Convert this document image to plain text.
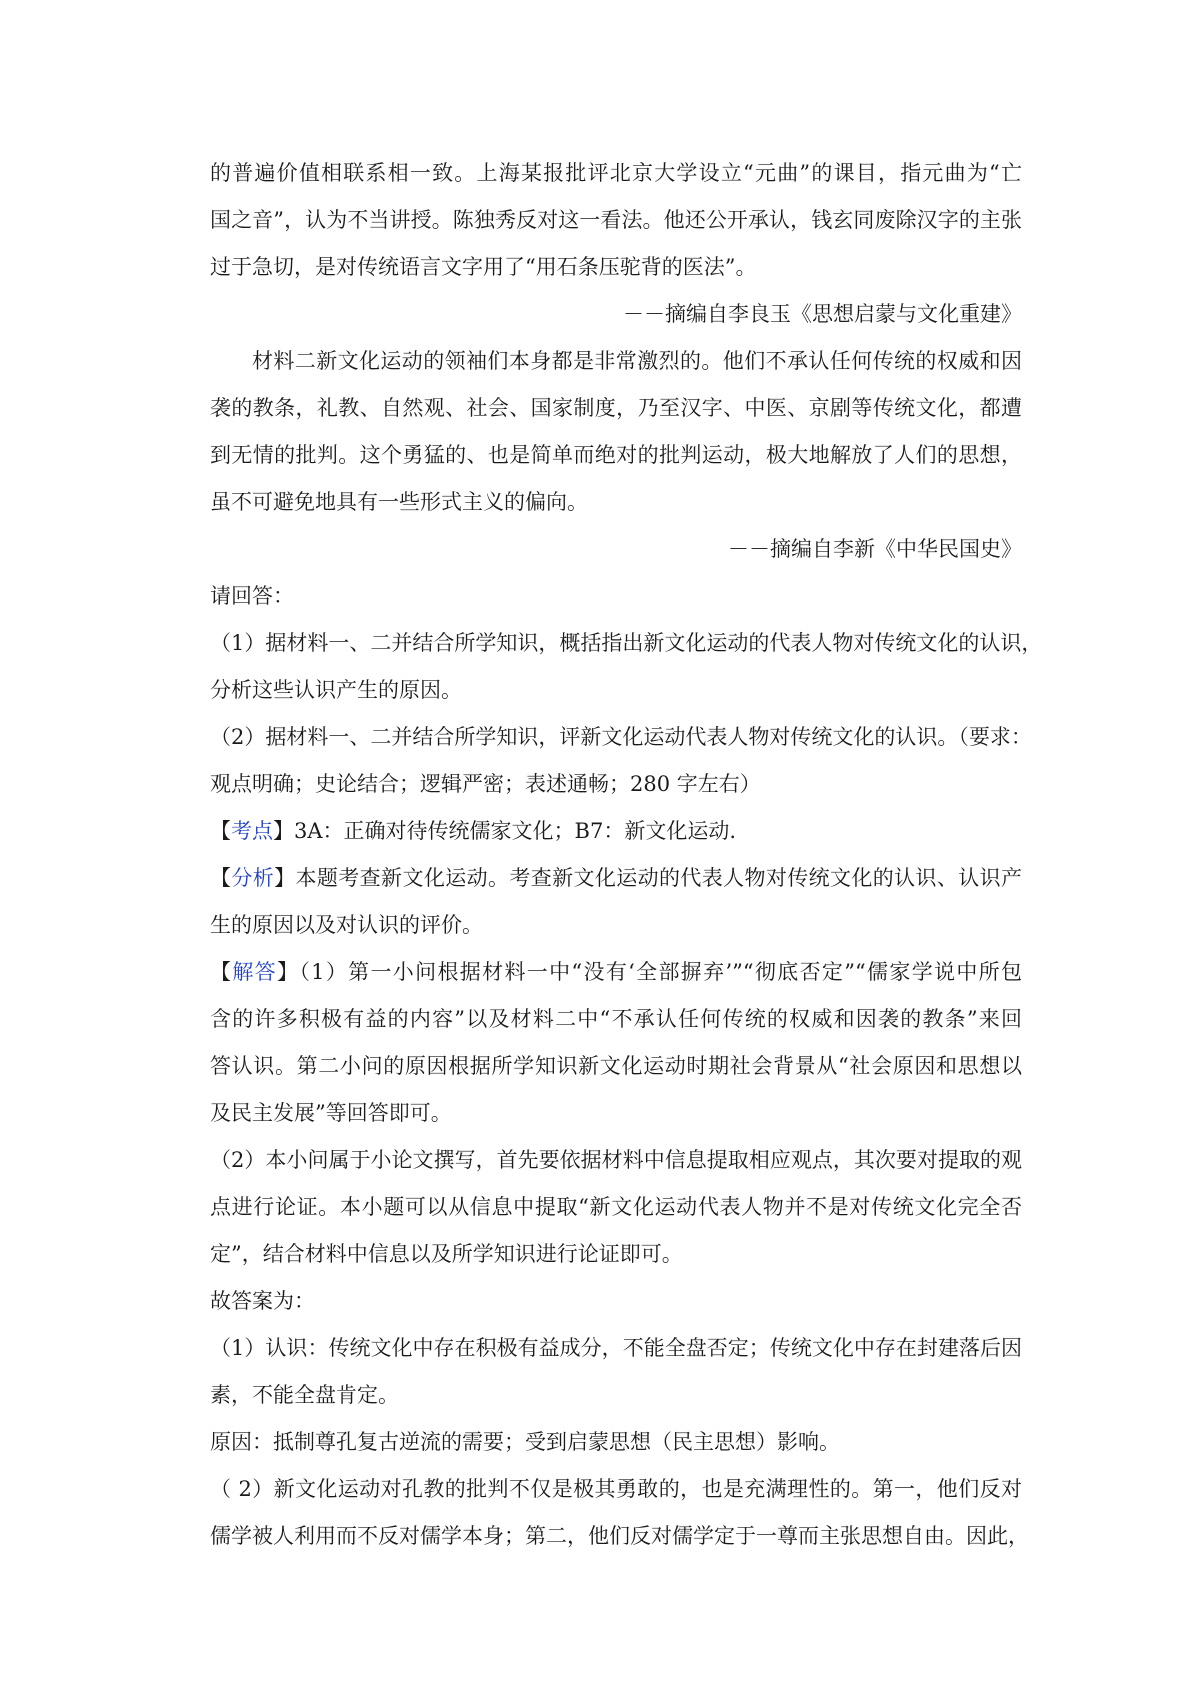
的普遍价值相联系相一致。上海某报批评北京大学设立“元曲”的课目，指元曲为“亡
国之音”，认为不当讲授。陈独秀反对这一看法。他还公开承认，钱玄同废除汉字的主张
过于急切，是对传统语言文字用了“用石条压驼背的医法”。
－－摘编自李良玉《思想启蒙与文化重建》
材料二新文化运动的领袖们本身都是非常激烈的。他们不承认任何传统的权威和因
袭的教条，礼教、自然观、社会、国家制度，乃至汉字、中医、京剧等传统文化，都遭
到无情的批判。这个勇猛的、也是简单而绝对的批判运动，极大地解放了人们的思想，
虽不可避免地具有一些形式主义的偏向。
－－摘编自李新《中华民国史》
请回答：
（1）据材料一、二并结合所学知识，概括指出新文化运动的代表人物对传统文化的认识，
分析这些认识产生的原因。
（2）据材料一、二并结合所学知识，评新文化运动代表人物对传统文化的认识。（要求：
观点明确；史论结合；逻辑严密；表述通畅；280 字左右）
【考点】3A：正确对待传统儒家文化；B7：新文化运动.
【分析】本题考查新文化运动。考查新文化运动的代表人物对传统文化的认识、认识产
生的原因以及对认识的评价。
【解答】（1）第一小问根据材料一中“没有‘全部摒弃’”“彻底否定”“儒家学说中所包
含的许多积极有益的内容”以及材料二中“不承认任何传统的权威和因袭的教条”来回
答认识。第二小问的原因根据所学知识新文化运动时期社会背景从“社会原因和思想以
及民主发展”等回答即可。
（2）本小问属于小论文撰写，首先要依据材料中信息提取相应观点，其次要对提取的观
点进行论证。本小题可以从信息中提取“新文化运动代表人物并不是对传统文化完全否
定”，结合材料中信息以及所学知识进行论证即可。
故答案为：
（1）认识：传统文化中存在积极有益成分，不能全盘否定；传统文化中存在封建落后因
素，不能全盘肯定。
原因：抵制尊孔复古逆流的需要；受到启蒙思想（民主思想）影响。
（ 2）新文化运动对孔教的批判不仅是极其勇敢的，也是充满理性的。第一，他们反对
儒学被人利用而不反对儒学本身；第二，他们反对儒学定于一尊而主张思想自由。因此，
